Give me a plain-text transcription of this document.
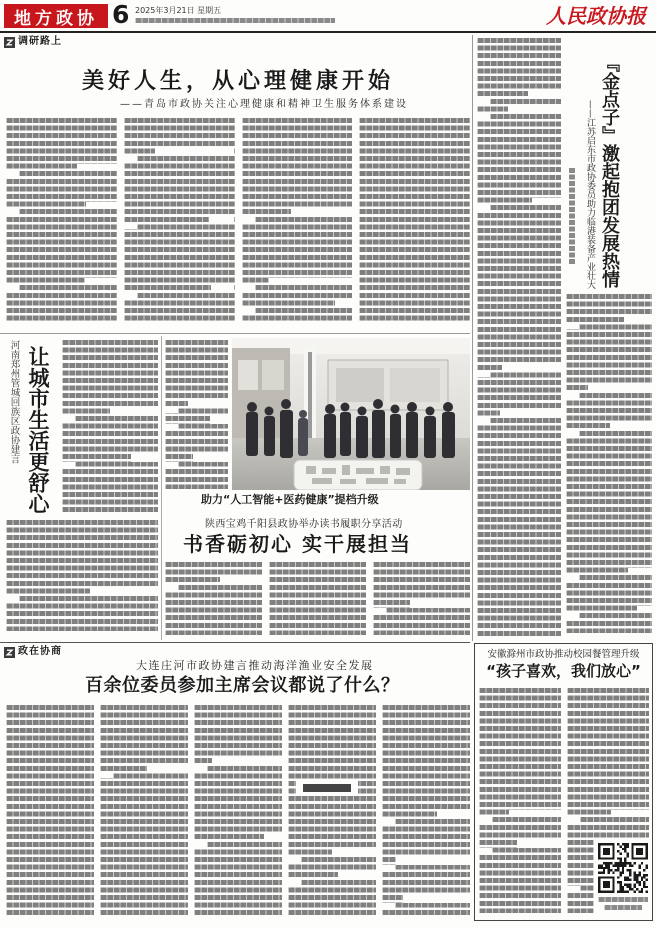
地方政协 6 2025年3月21日 星期五	人民政协报
调研路上
美好人生，从心理健康开始
——青岛市政协关注心理健康和精神卫生服务体系建设	『金点子』激起抱团发展热情
——江苏启东市政协委员助力临港装备产业壮大
河南郑州管城回族区政协建言 让城市生活更舒心	助力“人工智能+医药健康”提档升级
陕西宝鸡千阳县政协举办读书履职分享活动
书香砺初心 实干展担当
政在协商
大连庄河市政协建言推动海洋渔业安全发展
百余位委员参加主席会议都说了什么？
安徽滁州市政协推动校园餐管理升级
“孩子喜欢，我们放心”
